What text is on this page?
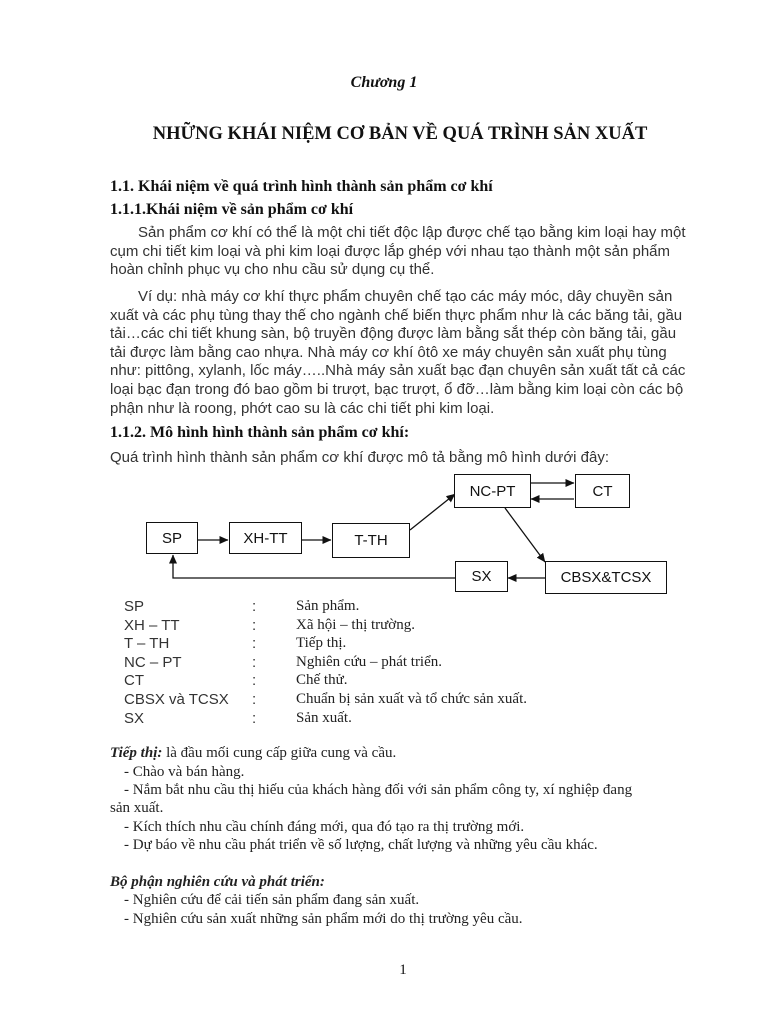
Chương 1
NHỮNG KHÁI NIỆM CƠ BẢN VỀ QUÁ TRÌNH SẢN XUẤT
1.1. Khái niệm về quá trình hình thành sản phẩm cơ khí
1.1.1.Khái niệm về sản phẩm cơ khí
Sản phẩm cơ khí có thể là một chi tiết độc lập được chế tạo bằng kim loại hay một
cụm chi tiết kim loại và phi kim loại được lắp ghép với nhau tạo thành một sản phẩm
hoàn chỉnh phục vụ cho nhu cầu sử dụng cụ thể.
Ví dụ: nhà máy cơ khí thực phẩm chuyên chế tạo các máy móc, dây chuyền sản
xuất và các phụ tùng thay thế cho ngành chế biến thực phẩm như là các băng tải, gầu
tải…các chi tiết khung sàn, bộ truyền động được làm bằng sắt thép còn băng tải, gầu
tải được làm bằng cao nhựa. Nhà máy cơ khí ôtô xe máy chuyên sản xuất phụ tùng
như: pittông, xylanh, lốc máy…..Nhà máy sản xuất bạc đạn chuyên sản xuất tất cả các
loại bạc đạn trong đó bao gồm bi trượt, bạc trượt, ổ đỡ…làm bằng kim loại còn các bộ
phận như là roong, phớt cao su là các chi tiết phi kim loại.
1.1.2. Mô hình hình thành sản phẩm cơ khí:
Quá trình hình thành sản phẩm cơ khí được mô tả bằng mô hình dưới đây:
SP	XH-TT	T-TH
NC-PT	CT
CBSX&TCSX
SX
SP	:	Sản phẩm.
XH – TT	:	Xã hội – thị trường.
T – TH	:	Tiếp thị.
NC – PT	:	Nghiên cứu – phát triển.
CT	:	Chế thử.
CBSX và TCSX :	Chuẩn bị sản xuất và tổ chức sản xuất.
SX	:	Sản xuất.
Tiếp thị: là đầu mối cung cấp giữa cung và cầu.
- Chào và bán hàng.
- Nắm bắt nhu cầu thị hiếu của khách hàng đối với sản phẩm công ty, xí nghiệp đang
sản xuất.
- Kích thích nhu cầu chính đáng mới, qua đó tạo ra thị trường mới.
- Dự báo về nhu cầu phát triển về số lượng, chất lượng và những yêu cầu khác.
Bộ phận nghiên cứu và phát triển:
- Nghiên cứu để cải tiến sản phẩm đang sản xuất.
- Nghiên cứu sản xuất những sản phẩm mới do thị trường yêu cầu.
1
